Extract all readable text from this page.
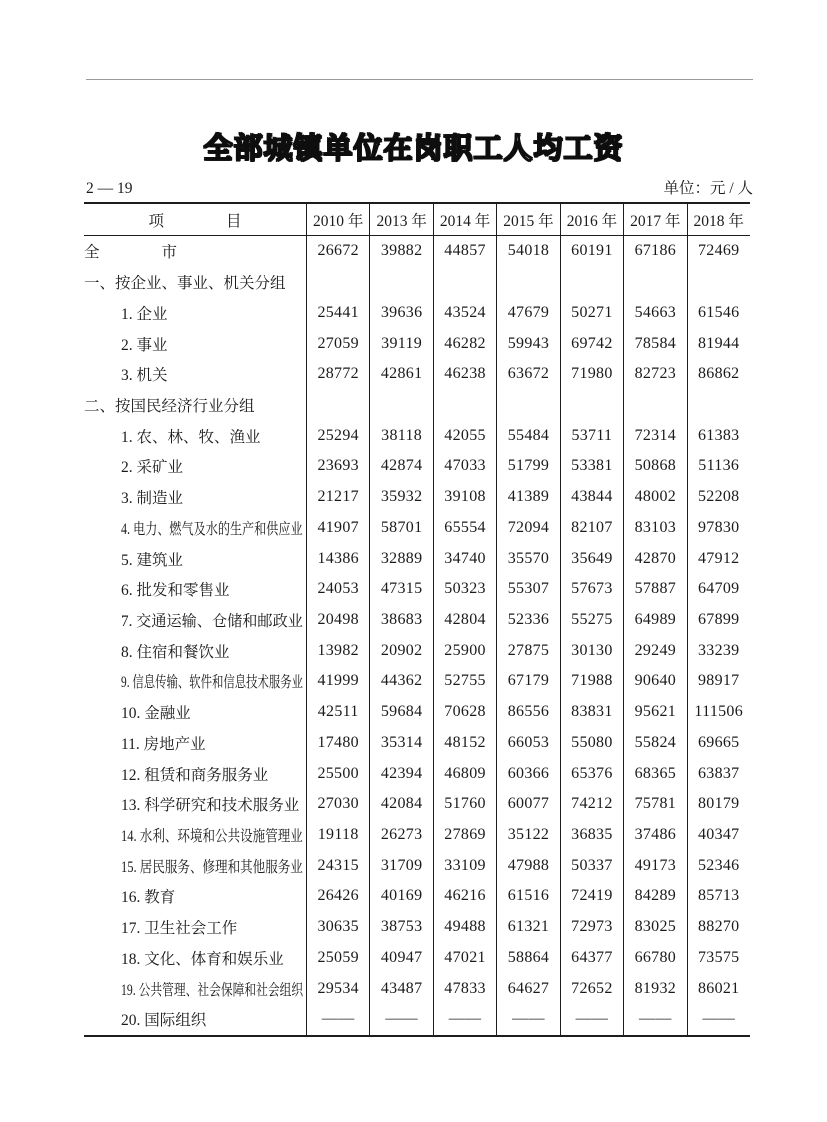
全部城镇单位在岗职工人均工资
2 — 19	单位：元 / 人
项　　　　目	2010 年 2013 年 2014 年 2015 年 2016 年 2017 年 2018 年
全　　　　市	26672	39882	44857	54018	60191	67186	72469
一、按企业、事业、机关分组
1. 企业	25441	39636	43524	47679	50271	54663	61546
2. 事业	27059	39119	46282	59943	69742	78584	81944
3. 机关	28772	42861	46238	63672	71980	82723	86862
二、按国民经济行业分组
1. 农、林、牧、渔业	25294	38118	42055	55484	53711	72314	61383
2. 采矿业	23693	42874	47033	51799	53381	50868	51136
3. 制造业	21217	35932	39108	41389	43844	48002	52208
4. 电力、燃气及水的生产和供应业 41907	58701	65554	72094	82107	83103	97830
5. 建筑业	14386	32889	34740	35570	35649	42870	47912
6. 批发和零售业	24053	47315	50323	55307	57673	57887	64709
7. 交通运输、仓储和邮政业 20498	38683	42804	52336	55275	64989	67899
8. 住宿和餐饮业	13982	20902	25900	27875	30130	29249	33239
9. 信息传输、软件和信息技术服务业 41999	44362	52755	67179	71988	90640	98917
10. 金融业	42511	59684	70628	86556	83831	95621	111506
11. 房地产业	17480	35314	48152	66053	55080	55824	69665
12. 租赁和商务服务业	25500	42394	46809	60366	65376	68365	63837
13. 科学研究和技术服务业	27030	42084	51760	60077	74212	75781	80179
14. 水利、环境和公共设施管理业 19118	26273	27869	35122	36835	37486	40347
15. 居民服务、修理和其他服务业 24315	31709	33109	47988	50337	49173	52346
16. 教育	26426	40169	46216	61516	72419	84289	85713
17. 卫生社会工作	30635	38753	49488	61321	72973	83025	88270
18. 文化、体育和娱乐业	25059	40947	47021	58864	64377	66780	73575
19. 公共管理、社会保障和社会组织 29534	43487	47833	64627	72652	81932	86021
20. 国际组织	——	——	——	——	——	——	——
